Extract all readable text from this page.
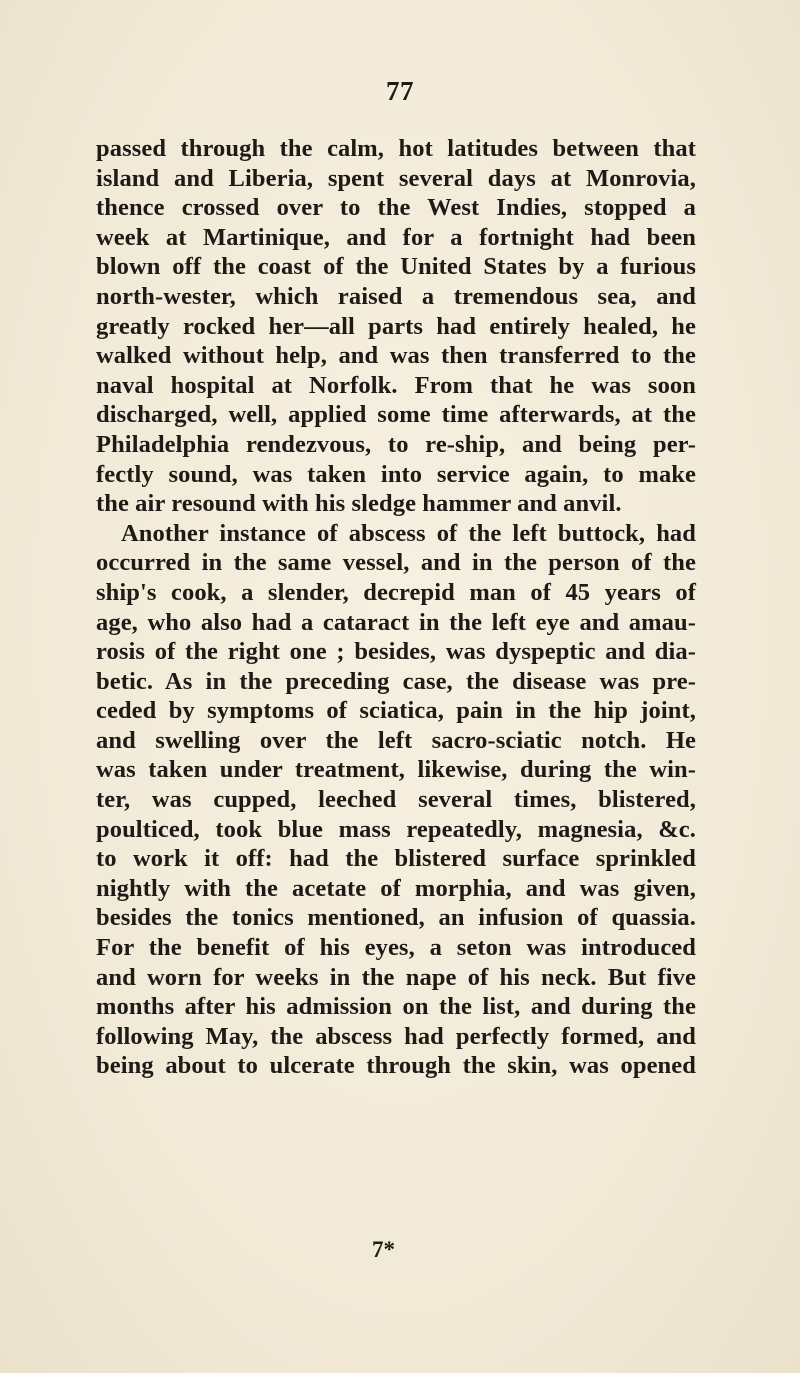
77
passed through the calm, hot latitudes between that
island and Liberia, spent several days at Monrovia,
thence crossed over to the West Indies, stopped a
week at Martinique, and for a fortnight had been
blown off the coast of the United States by a furious
north-wester, which raised a tremendous sea, and
greatly rocked her—all parts had entirely healed, he
walked without help, and was then transferred to the
naval hospital at Norfolk. From that he was soon
discharged, well, applied some time afterwards, at the
Philadelphia rendezvous, to re-ship, and being per-
fectly sound, was taken into service again, to make
the air resound with his sledge hammer and anvil.
Another instance of abscess of the left buttock, had
occurred in the same vessel, and in the person of the
ship's cook, a slender, decrepid man of 45 years of
age, who also had a cataract in the left eye and amau-
rosis of the right one ; besides, was dyspeptic and dia-
betic. As in the preceding case, the disease was pre-
ceded by symptoms of sciatica, pain in the hip joint,
and swelling over the left sacro-sciatic notch. He
was taken under treatment, likewise, during the win-
ter, was cupped, leeched several times, blistered,
poulticed, took blue mass repeatedly, magnesia, &c.
to work it off: had the blistered surface sprinkled
nightly with the acetate of morphia, and was given,
besides the tonics mentioned, an infusion of quassia.
For the benefit of his eyes, a seton was introduced
and worn for weeks in the nape of his neck. But five
months after his admission on the list, and during the
following May, the abscess had perfectly formed, and
being about to ulcerate through the skin, was opened
7*
